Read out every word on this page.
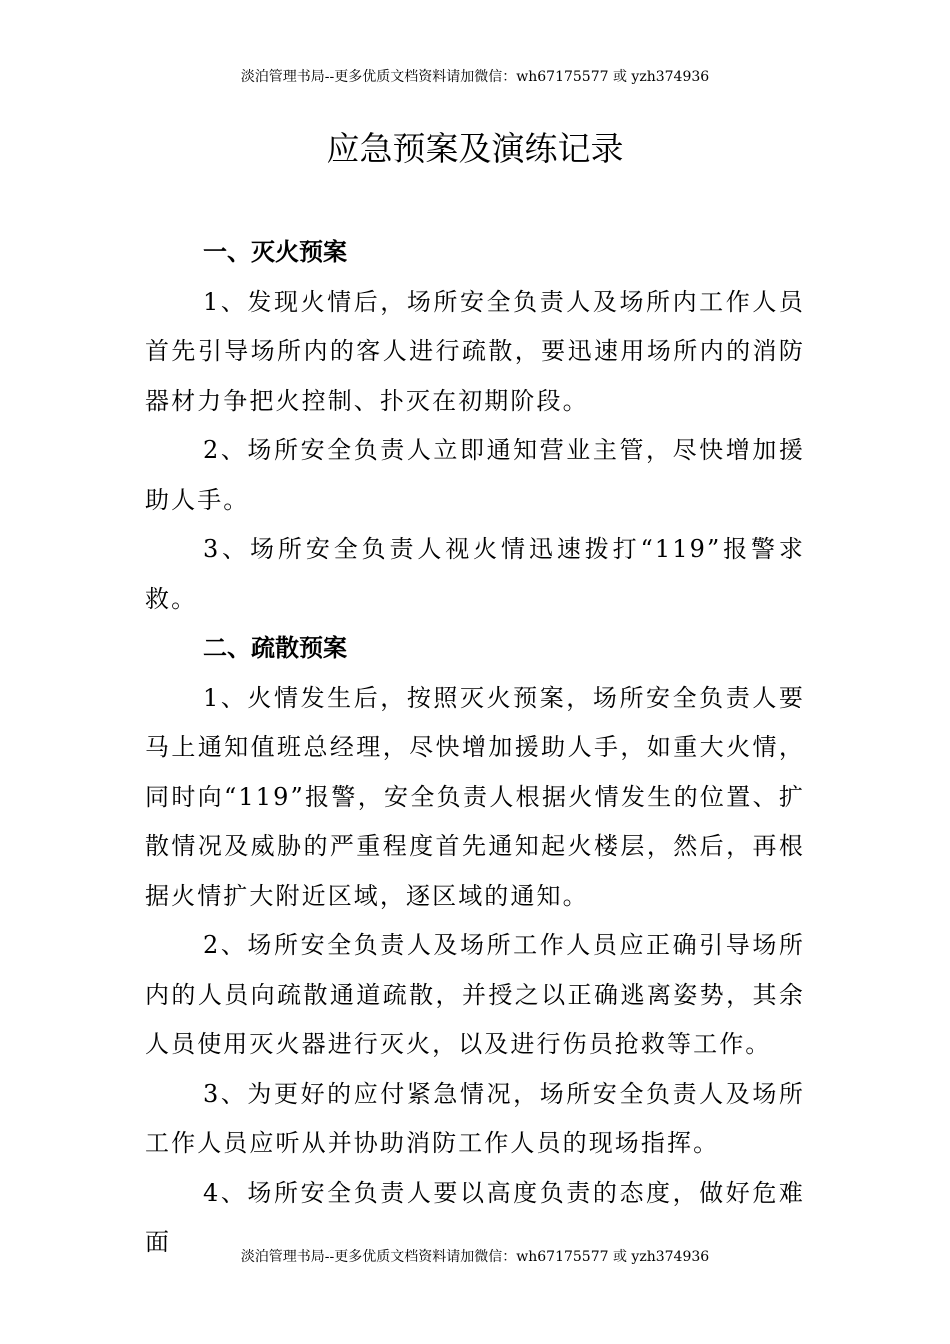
淡泊管理书局--更多优质文档资料请加微信：wh67175577 或 yzh374936
应急预案及演练记录

一、灭火预案

1、发现火情后，场所安全负责人及场所内工作人员首先引导场所内的客人进行疏散，要迅速用场所内的消防器材力争把火控制、扑灭在初期阶段。

2、场所安全负责人立即通知营业主管，尽快增加援助人手。

3、场所安全负责人视火情迅速拨打“119”报警求救。

二、疏散预案

1、火情发生后，按照灭火预案，场所安全负责人要马上通知值班总经理，尽快增加援助人手，如重大火情，同时向“119”报警，安全负责人根据火情发生的位置、扩散情况及威胁的严重程度首先通知起火楼层，然后，再根据火情扩大附近区域，逐区域的通知。

2、场所安全负责人及场所工作人员应正确引导场所内的人员向疏散通道疏散，并授之以正确逃离姿势，其余人员使用灭火器进行灭火，以及进行伤员抢救等工作。

3、为更好的应付紧急情况，场所安全负责人及场所工作人员应听从并协助消防工作人员的现场指挥。

4、场所安全负责人要以高度负责的态度，做好危难面

淡泊管理书局--更多优质文档资料请加微信：wh67175577 或 yzh374936
